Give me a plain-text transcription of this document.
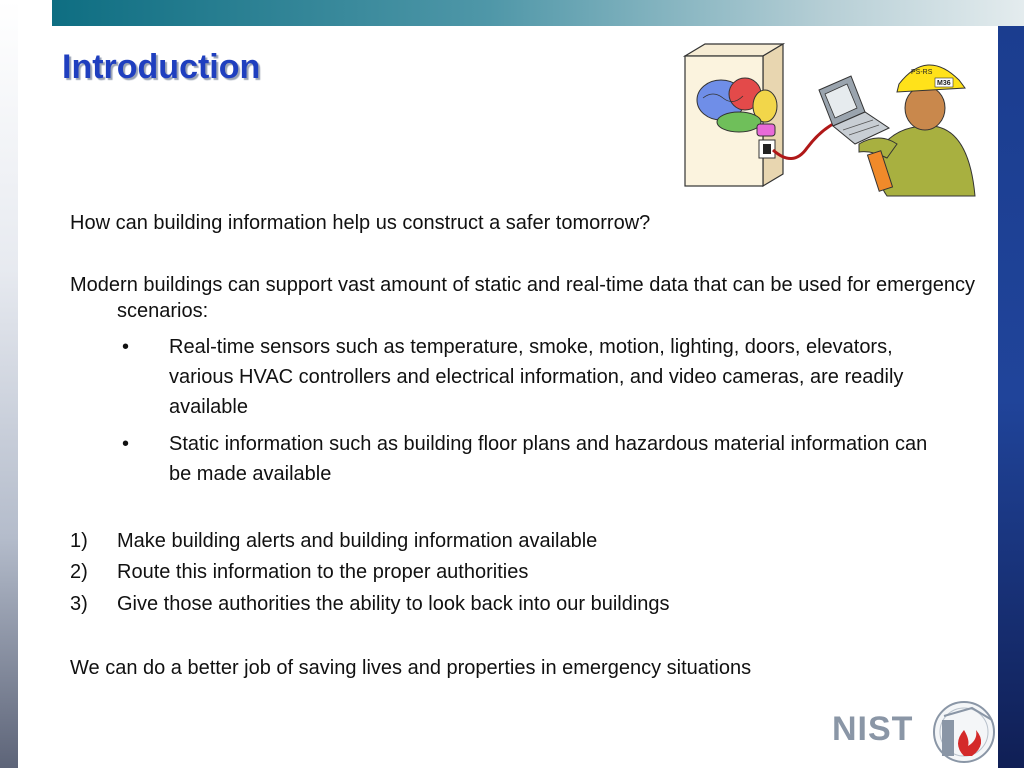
Introduction	PS-RS
M36

How can building information help us construct a safer tomorrow?

Modern buildings can support vast amount of static and real-time data that can be used for emergency scenarios:

•	Real-time sensors such as temperature, smoke, motion, lighting, doors, elevators, various HVAC controllers and electrical information, and video cameras, are readily available
•	Static information such as building floor plans and hazardous material information can be made available
1)	Make building alerts and building information available
2)	Route this information to the proper authorities
3)	Give those authorities the ability to look back into our buildings

We can do a better job of saving lives and properties in emergency situations

NIST
